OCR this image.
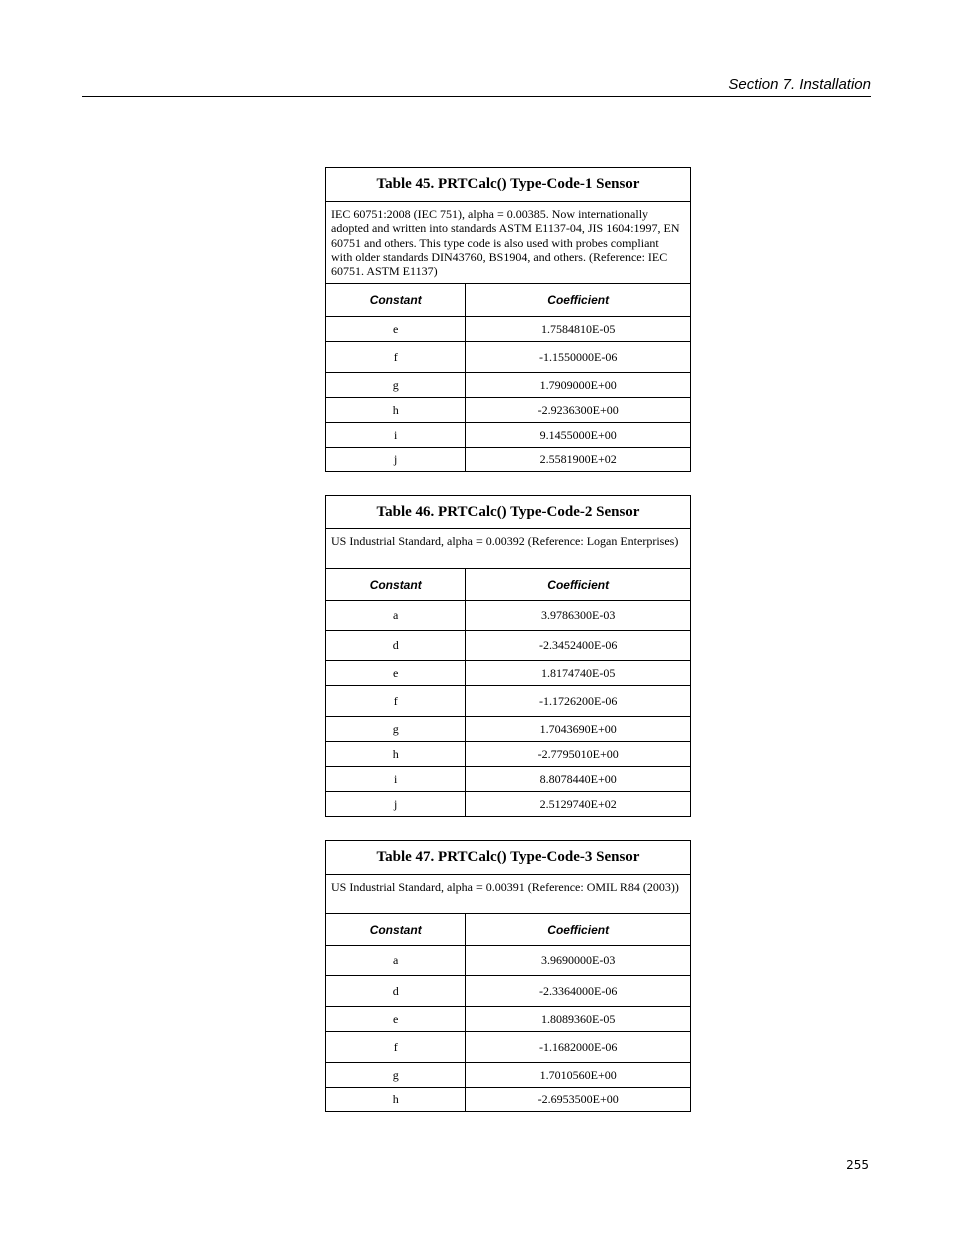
Section 7. Installation
Table 45. PRTCalc() Type-Code-1 Sensor	
IEC 60751:2008 (IEC 751), alpha = 0.00385. Now internationally adopted and written into standards ASTM E1137-04, JIS 1604:1997, EN 60751 and others. This type code is also used with probes compliant with older standards DIN43760, BS1904, and others. (Reference: IEC 60751. ASTM E1137)	
Constant	Coefficient
e	1.7584810E-05
f	-1.1550000E-06
g	1.7909000E+00
h	-2.9236300E+00
i	9.1455000E+00
j	2.5581900E+02
Table 46. PRTCalc() Type-Code-2 Sensor	
US Industrial Standard, alpha = 0.00392 (Reference: Logan Enterprises)	
Constant	Coefficient
a	3.9786300E-03
d	-2.3452400E-06
e	1.8174740E-05
f	-1.1726200E-06
g	1.7043690E+00
h	-2.7795010E+00
i	8.8078440E+00
j	2.5129740E+02
Table 47. PRTCalc() Type-Code-3 Sensor	
US Industrial Standard, alpha = 0.00391 (Reference: OMIL R84 (2003))	
Constant	Coefficient
a	3.9690000E-03
d	-2.3364000E-06
e	1.8089360E-05
f	-1.1682000E-06
g	1.7010560E+00
h	-2.6953500E+00
255
